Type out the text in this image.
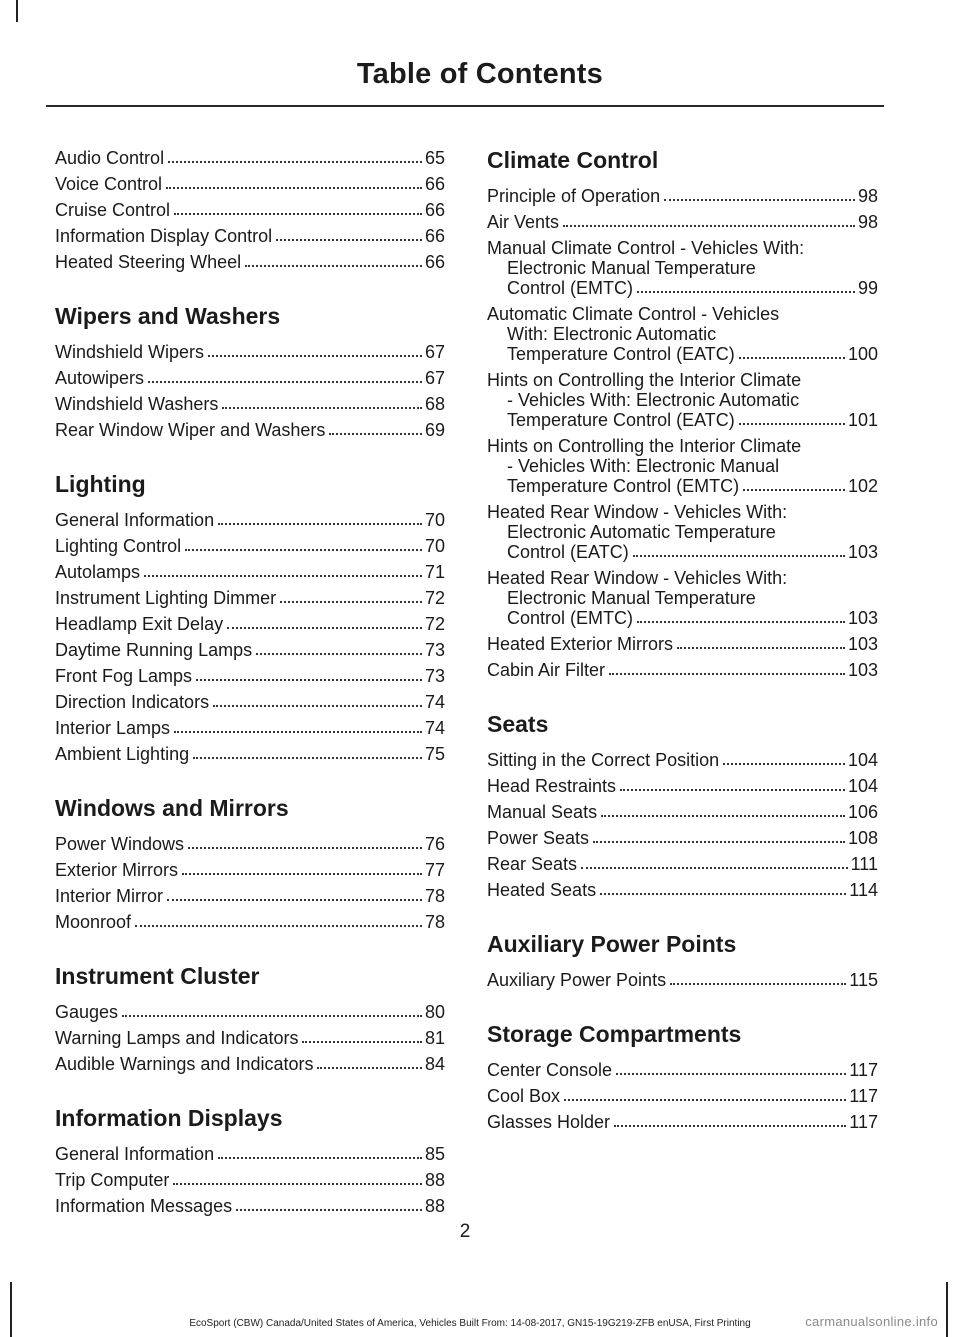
Table of Contents
Audio Control	65
Voice Control	66
Cruise Control	66
Information Display Control	66
Heated Steering Wheel	66
Wipers and Washers
Windshield Wipers	67
Autowipers	67
Windshield Washers	68
Rear Window Wiper and Washers	69
Lighting
General Information	70
Lighting Control	70
Autolamps	71
Instrument Lighting Dimmer	72
Headlamp Exit Delay	72
Daytime Running Lamps	73
Front Fog Lamps	73
Direction Indicators	74
Interior Lamps	74
Ambient Lighting	75
Windows and Mirrors
Power Windows	76
Exterior Mirrors	77
Interior Mirror	78
Moonroof	78
Instrument Cluster
Gauges	80
Warning Lamps and Indicators	81
Audible Warnings and Indicators	84
Information Displays
General Information	85
Trip Computer	88
Information Messages	88
Climate Control
Principle of Operation	98
Air Vents	98
Manual Climate Control - Vehicles With:
Electronic Manual Temperature
Control (EMTC)	99
Automatic Climate Control - Vehicles
With: Electronic Automatic
Temperature Control (EATC)	100
Hints on Controlling the Interior Climate
- Vehicles With: Electronic Automatic
Temperature Control (EATC)	101
Hints on Controlling the Interior Climate
- Vehicles With: Electronic Manual
Temperature Control (EMTC)	102
Heated Rear Window - Vehicles With:
Electronic Automatic Temperature
Control (EATC)	103
Heated Rear Window - Vehicles With:
Electronic Manual Temperature
Control (EMTC)	103
Heated Exterior Mirrors	103
Cabin Air Filter	103
Seats
Sitting in the Correct Position	104
Head Restraints	104
Manual Seats	106
Power Seats	108
Rear Seats	111
Heated Seats	114
Auxiliary Power Points
Auxiliary Power Points	115
Storage Compartments
Center Console	117
Cool Box	117
Glasses Holder	117

2

EcoSport (CBW) Canada/United States of America, Vehicles Built From: 14-08-2017, GN15-19G219-ZFB enUSA, First Printing	carmanualsonline.info
